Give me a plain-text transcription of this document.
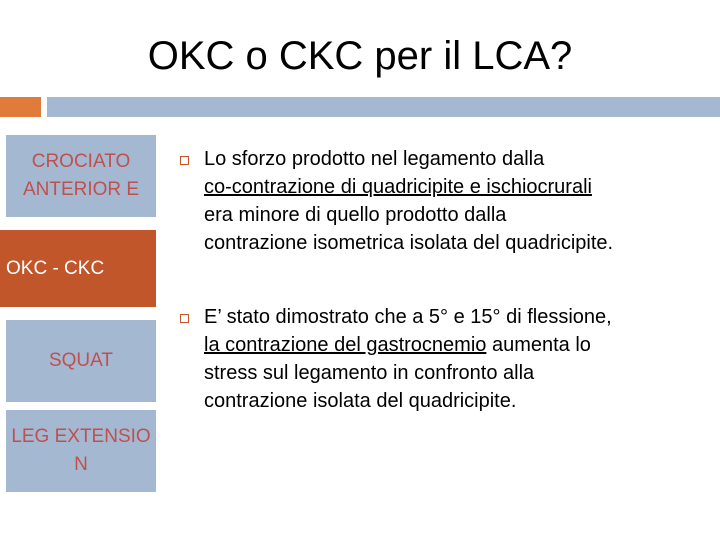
OKC o CKC per il LCA?
CROCIATO ANTERIOR E
OKC - CKC
SQUAT
LEG EXTENSIO N
Lo sforzo prodotto nel legamento dalla
co-contrazione di quadricipite e ischiocrurali
era minore di quello prodotto dalla
contrazione isometrica isolata del quadricipite.
E’ stato dimostrato che a 5° e 15° di flessione,
la contrazione del gastrocnemio aumenta lo
stress sul legamento in confronto alla
contrazione isolata del quadricipite.
